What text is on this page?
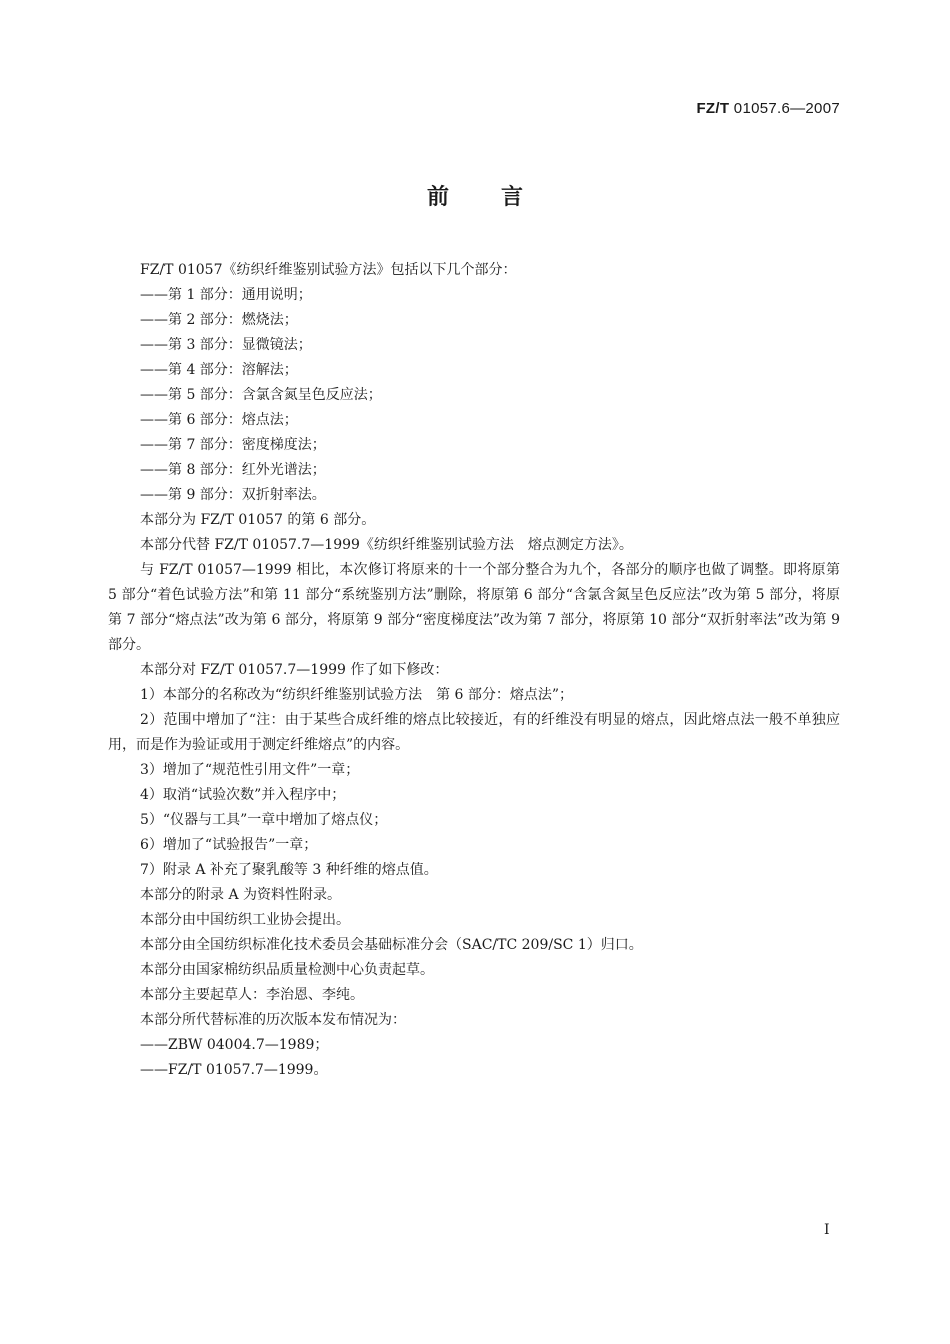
FZ/T 01057.6—2007
前言

FZ/T 01057《纺织纤维鉴别试验方法》包括以下几个部分：

——第 1 部分：通用说明；

——第 2 部分：燃烧法；

——第 3 部分：显微镜法；

——第 4 部分：溶解法；

——第 5 部分：含氯含氮呈色反应法；

——第 6 部分：熔点法；

——第 7 部分：密度梯度法；

——第 8 部分：红外光谱法；

——第 9 部分：双折射率法。

本部分为 FZ/T 01057 的第 6 部分。

本部分代替 FZ/T 01057.7—1999《纺织纤维鉴别试验方法　熔点测定方法》。

与 FZ/T 01057—1999 相比，本次修订将原来的十一个部分整合为九个，各部分的顺序也做了调整。即将原第 5 部分“着色试验方法”和第 11 部分“系统鉴别方法”删除，将原第 6 部分“含氯含氮呈色反应法”改为第 5 部分，将原第 7 部分“熔点法”改为第 6 部分，将原第 9 部分“密度梯度法”改为第 7 部分，将原第 10 部分“双折射率法”改为第 9 部分。

本部分对 FZ/T 01057.7—1999 作了如下修改：

1）本部分的名称改为“纺织纤维鉴别试验方法　第 6 部分：熔点法”；

2）范围中增加了“注：由于某些合成纤维的熔点比较接近，有的纤维没有明显的熔点，因此熔点法一般不单独应用，而是作为验证或用于测定纤维熔点”的内容。

3）增加了“规范性引用文件”一章；

4）取消“试验次数”并入程序中；

5）“仪器与工具”一章中增加了熔点仪；

6）增加了“试验报告”一章；

7）附录 A 补充了聚乳酸等 3 种纤维的熔点值。

本部分的附录 A 为资料性附录。

本部分由中国纺织工业协会提出。

本部分由全国纺织标准化技术委员会基础标准分会（SAC/TC 209/SC 1）归口。

本部分由国家棉纺织品质量检测中心负责起草。

本部分主要起草人：李治恩、李纯。

本部分所代替标准的历次版本发布情况为：

——ZBW 04004.7—1989；

——FZ/T 01057.7—1999。

I
